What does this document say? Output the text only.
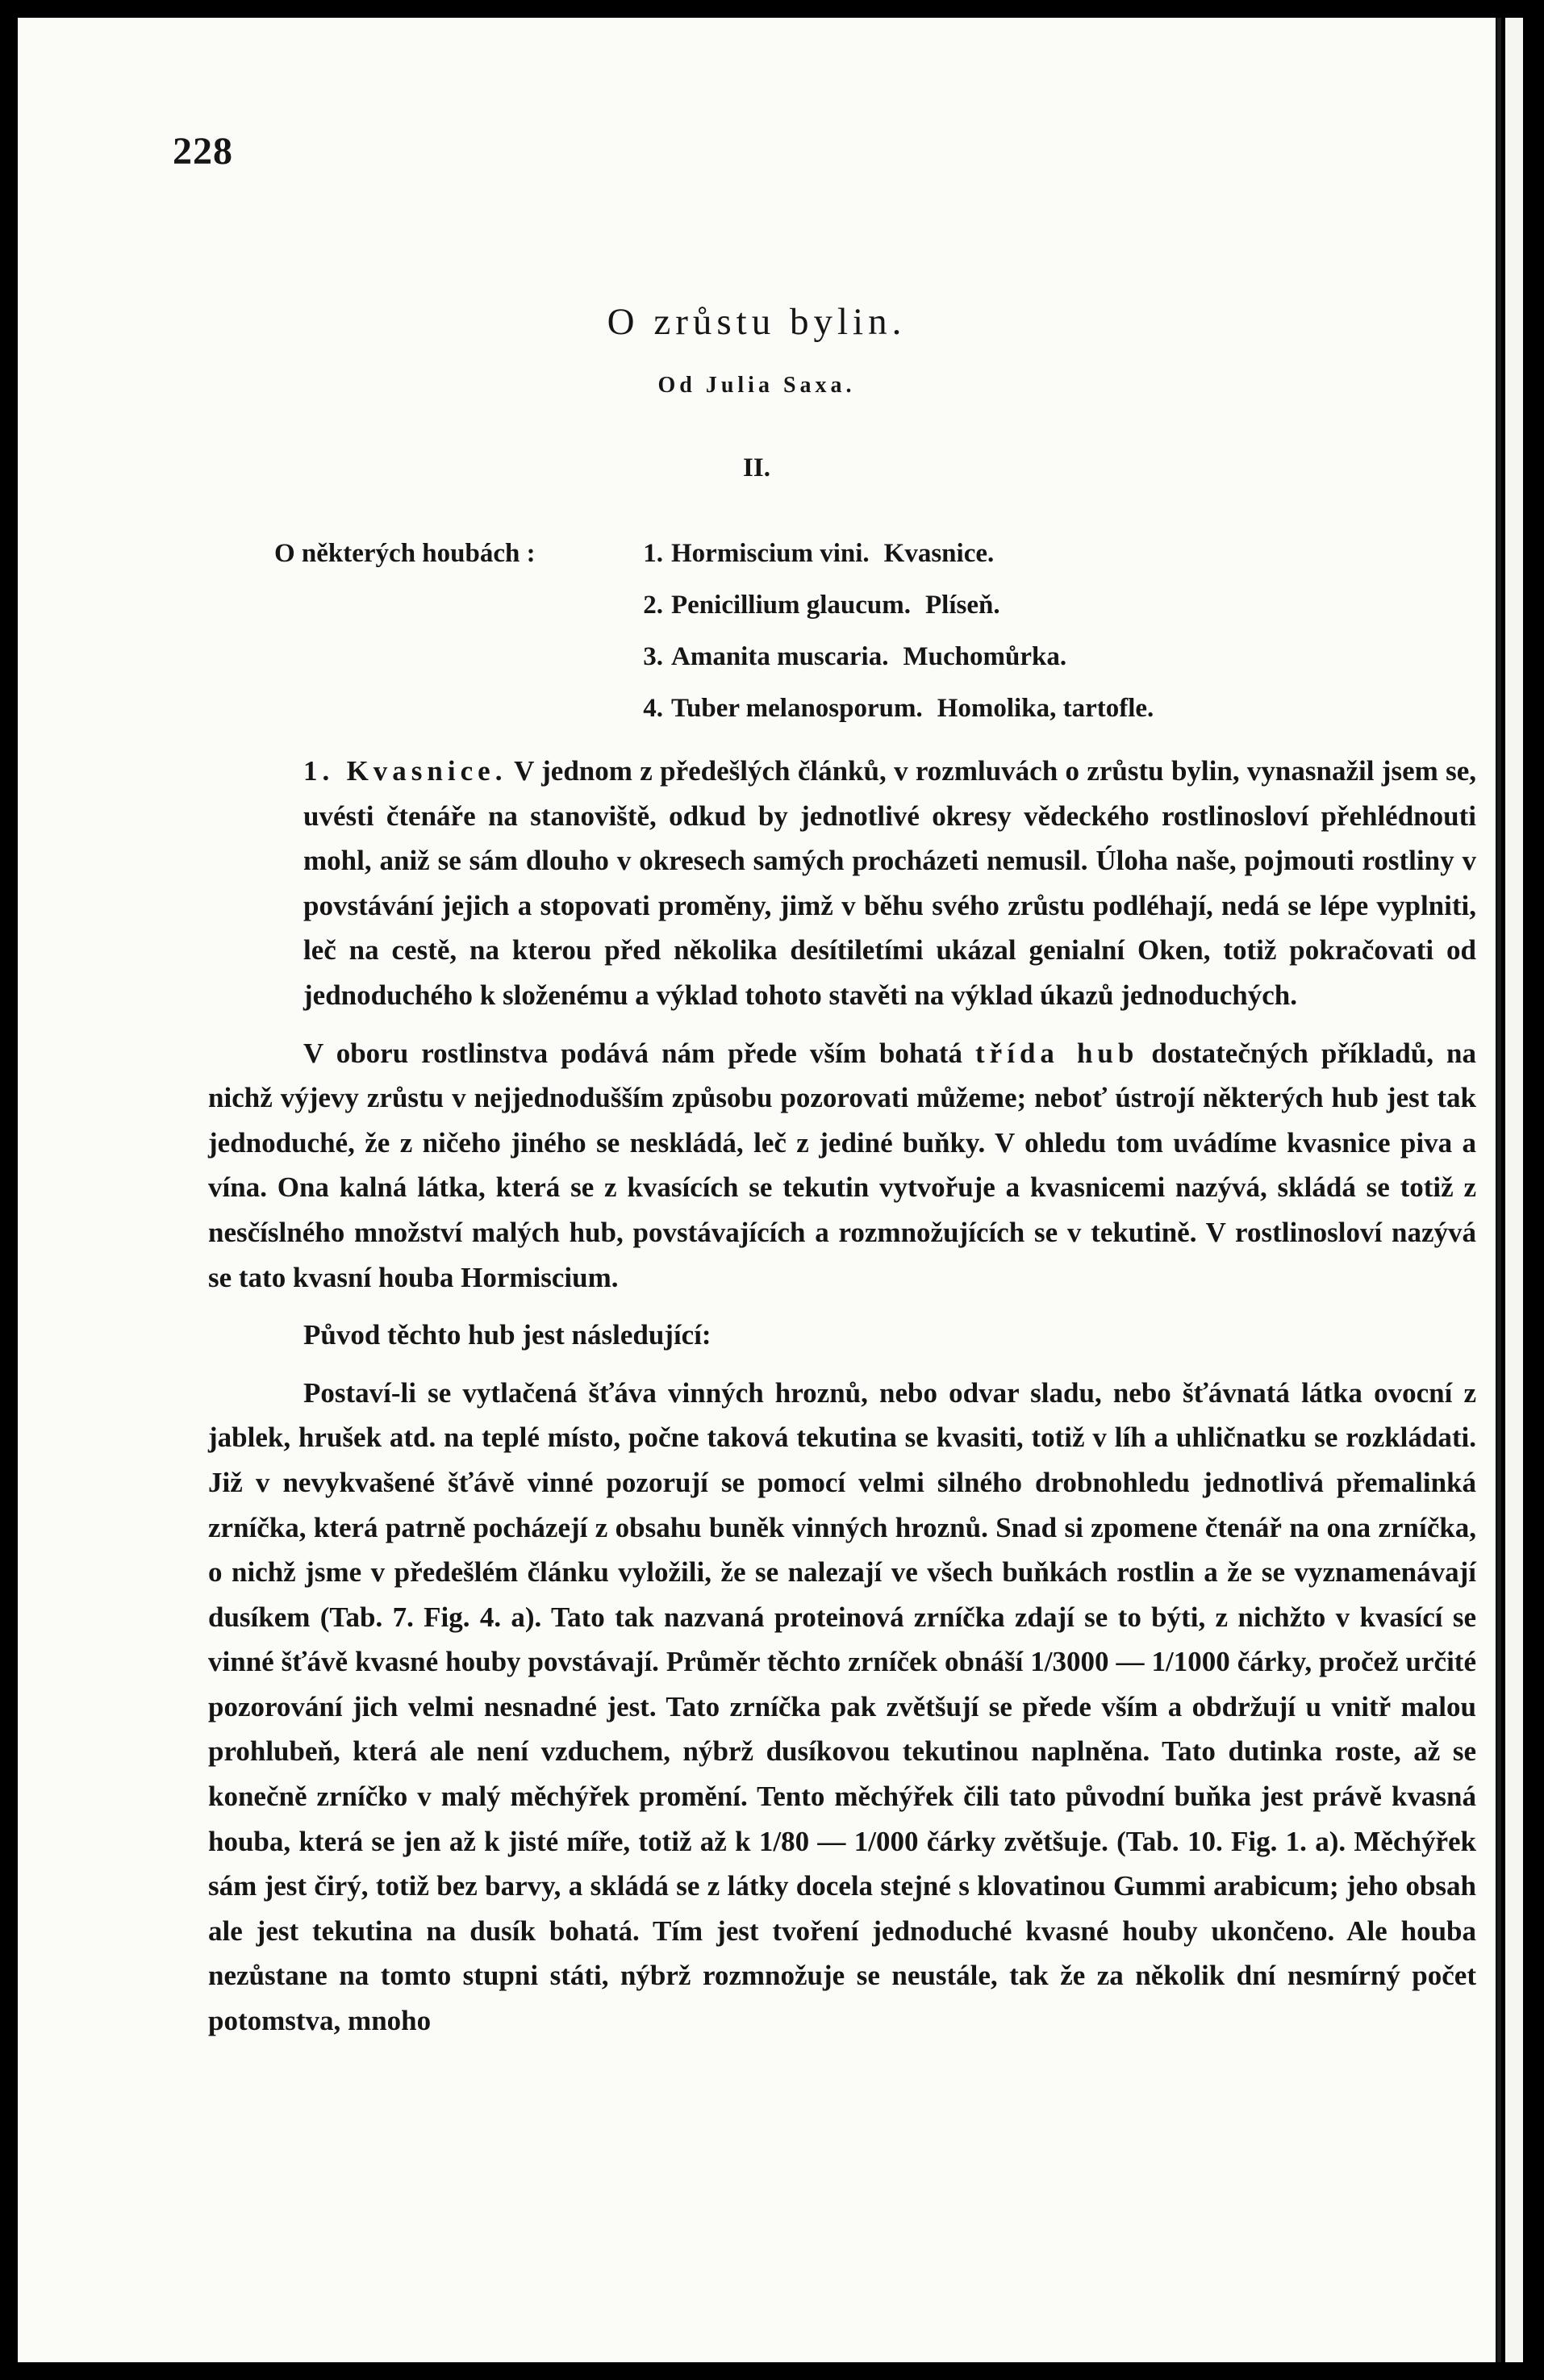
228
O zrůstu bylin.
Od Julia Saxa.
II.
O některých houbách :	1. Hormiscium vini. Kvasnice.
2. Penicillium glaucum. Plíseň.
3. Amanita muscaria. Muchomůrka.
4. Tuber melanosporum. Homolika, tartofle.

1. Kvasnice. V jednom z předešlých článků, v rozmluvách o zrůstu bylin, vynasnažil jsem se, uvésti čtenáře na stanoviště, odkud by jednotlivé okresy vědeckého rostlinosloví přehlédnouti mohl, aniž se sám dlouho v okresech samých procházeti nemusil. Úloha naše, pojmouti rostliny v povstávání jejich a stopovati proměny, jimž v běhu svého zrůstu podléhají, nedá se lépe vyplniti, leč na cestě, na kterou před několika desítiletími ukázal genialní Oken, totiž pokračovati od jednoduchého k složenému a výklad tohoto stavěti na výklad úkazů jednoduchých.

V oboru rostlinstva podává nám přede vším bohatá třída hub dostatečných příkladů, na nichž výjevy zrůstu v nejjednodušším způsobu pozorovati můžeme; neboť ústrojí některých hub jest tak jednoduché, že z ničeho jiného se neskládá, leč z jediné buňky. V ohledu tom uvádíme kvasnice piva a vína. Ona kalná látka, která se z kvasících se tekutin vytvořuje a kvasnicemi nazývá, skládá se totiž z nesčíslného množství malých hub, povstávajících a rozmnožujících se v tekutině. V rostlinosloví nazývá se tato kvasní houba Hormiscium.

Původ těchto hub jest následující:

Postaví-li se vytlačená šťáva vinných hroznů, nebo odvar sladu, nebo šťávnatá látka ovocní z jablek, hrušek atd. na teplé místo, počne taková tekutina se kvasiti, totiž v líh a uhličnatku se rozkládati. Již v nevykvašené šťávě vinné pozorují se pomocí velmi silného drobnohledu jednotlivá přemalinká zrníčka, která patrně pocházejí z obsahu buněk vinných hroznů. Snad si zpomene čtenář na ona zrníčka, o nichž jsme v předešlém článku vyložili, že se nalezají ve všech buňkách rostlin a že se vyznamenávají dusíkem (Tab. 7. Fig. 4. a). Tato tak nazvaná proteinová zrníčka zdají se to býti, z nichžto v kvasící se vinné šťávě kvasné houby povstávají. Průměr těchto zrníček obnáší 1/3000 — 1/1000 čárky, pročež určité pozorování jich velmi nesnadné jest. Tato zrníčka pak zvětšují se přede vším a obdržují u vnitř malou prohlubeň, která ale není vzduchem, nýbrž dusíkovou tekutinou naplněna. Tato dutinka roste, až se konečně zrníčko v malý měchýřek promění. Tento měchýřek čili tato původní buňka jest právě kvasná houba, která se jen až k jisté míře, totiž až k 1/80 — 1/000 čárky zvětšuje. (Tab. 10. Fig. 1. a). Měchýřek sám jest čirý, totiž bez barvy, a skládá se z látky docela stejné s klovatinou Gummi arabicum; jeho obsah ale jest tekutina na dusík bohatá. Tím jest tvoření jednoduché kvasné houby ukončeno. Ale houba nezůstane na tomto stupni státi, nýbrž rozmnožuje se neustále, tak že za několik dní nesmírný počet potomstva, mnoho
